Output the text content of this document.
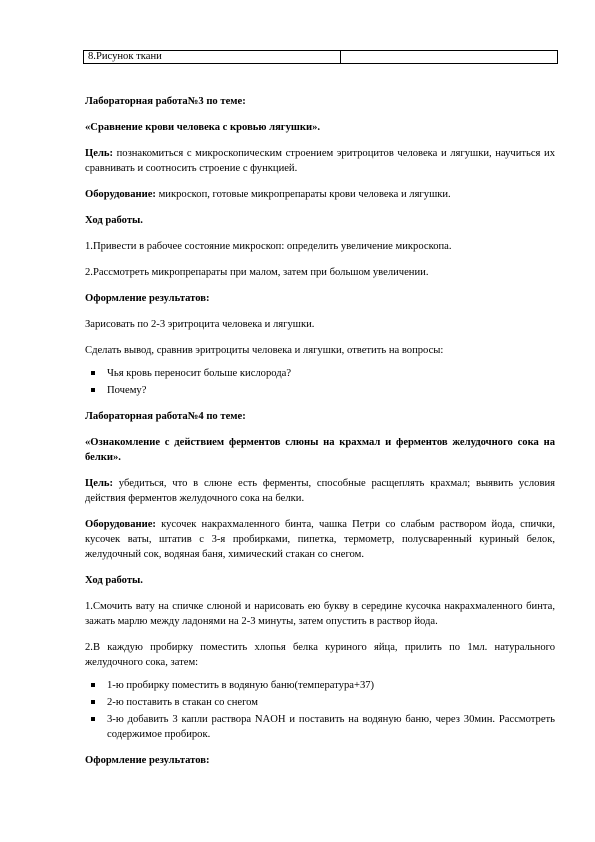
8.Рисунок ткани	

Лабораторная работа№3 по теме:

«Сравнение крови человека с кровью лягушки».

Цель: познакомиться с микроскопическим строением эритроцитов человека и лягушки, научиться их сравнивать и соотносить строение с функцией.

Оборудование: микроскоп, готовые микропрепараты крови человека и лягушки.

Ход работы.

1.Привести в рабочее состояние микроскоп: определить увеличение микроскопа.

2.Рассмотреть микропрепараты при малом, затем при большом увеличении.

Оформление результатов:

Зарисовать по 2-3 эритроцита человека и лягушки.

Сделать вывод, сравнив эритроциты человека и лягушки, ответить на вопросы:

Чья кровь переносит больше кислорода?
Почему?

Лабораторная работа№4 по теме:

«Ознакомление с действием ферментов слюны на крахмал и ферментов желудочного сока на белки».

Цель: убедиться, что в слюне есть ферменты, способные расщеплять крахмал; выявить условия действия ферментов желудочного сока на белки.

Оборудование: кусочек накрахмаленного бинта, чашка Петри со слабым раствором йода, спички, кусочек ваты, штатив с 3-я пробирками, пипетка, термометр, полусваренный куриный белок, желудочный сок, водяная баня, химический стакан со снегом.

Ход работы.

1.Смочить вату на спичке слюной и нарисовать ею букву в середине кусочка накрахмаленного бинта, зажать марлю между ладонями на 2-3 минуты, затем опустить в раствор йода.

2.В каждую пробирку поместить хлопья белка куриного яйца, прилить по 1мл. натурального желудочного сока, затем:

1-ю пробирку поместить в водяную баню(температура+37)
2-ю поставить в стакан со снегом
3-ю добавить 3 капли раствора NAOH и поставить на водяную баню, через 30мин. Рассмотреть содержимое пробирок.

Оформление результатов:
